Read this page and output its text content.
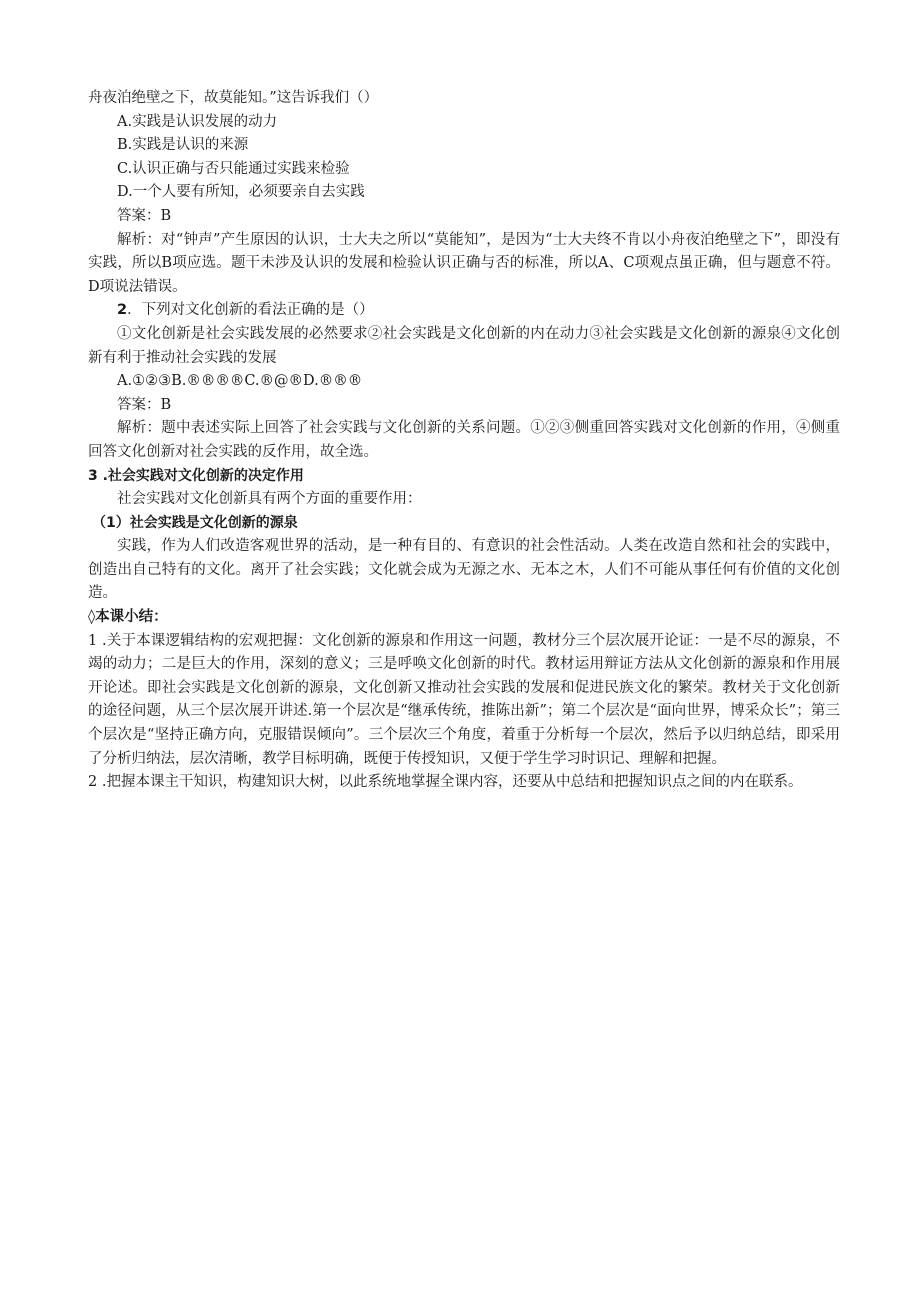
舟夜泊绝壁之下，故莫能知。”这告诉我们（）

A.实践是认识发展的动力

B.实践是认识的来源

C.认识正确与否只能通过实践来检验

D.一个人要有所知，必须要亲自去实践

答案：B

解析：对“钟声”产生原因的认识，士大夫之所以“莫能知”，是因为“士大夫终不肯以小舟夜泊绝壁之下”，即没有实践，所以B项应选。题干未涉及认识的发展和检验认识正确与否的标准，所以A、C项观点虽正确，但与题意不符。D项说法错误。

2．下列对文化创新的看法正确的是（）

①文化创新是社会实践发展的必然要求②社会实践是文化创新的内在动力③社会实践是文化创新的源泉④文化创新有利于推动社会实践的发展

A.①②③B.®®®®C.®@®D.®®®

答案：B

解析：题中表述实际上回答了社会实践与文化创新的关系问题。①②③侧重回答实践对文化创新的作用，④侧重回答文化创新对社会实践的反作用，故全选。

3 .社会实践对文化创新的决定作用

社会实践对文化创新具有两个方面的重要作用：

（1）社会实践是文化创新的源泉

实践，作为人们改造客观世界的活动，是一种有目的、有意识的社会性活动。人类在改造自然和社会的实践中，创造出自己特有的文化。离开了社会实践；文化就会成为无源之水、无本之木，人们不可能从事任何有价值的文化创造。

◊本课小结：

1 .关于本课逻辑结构的宏观把握：文化创新的源泉和作用这一问题，教材分三个层次展开论证：一是不尽的源泉，不竭的动力；二是巨大的作用，深刻的意义；三是呼唤文化创新的时代。教材运用辩证方法从文化创新的源泉和作用展开论述。即社会实践是文化创新的源泉，文化创新又推动社会实践的发展和促进民族文化的繁荣。教材关于文化创新的途径问题，从三个层次展开讲述.第一个层次是“继承传统，推陈出新”；第二个层次是“面向世界，博采众长”；第三个层次是“坚持正确方向，克服错误倾向”。三个层次三个角度，着重于分析每一个层次，然后予以归纳总结，即采用了分析归纳法，层次清晰，教学目标明确，既便于传授知识，又便于学生学习时识记、理解和把握。

2 .把握本课主干知识，构建知识大树，以此系统地掌握全课内容，还要从中总结和把握知识点之间的内在联系。
